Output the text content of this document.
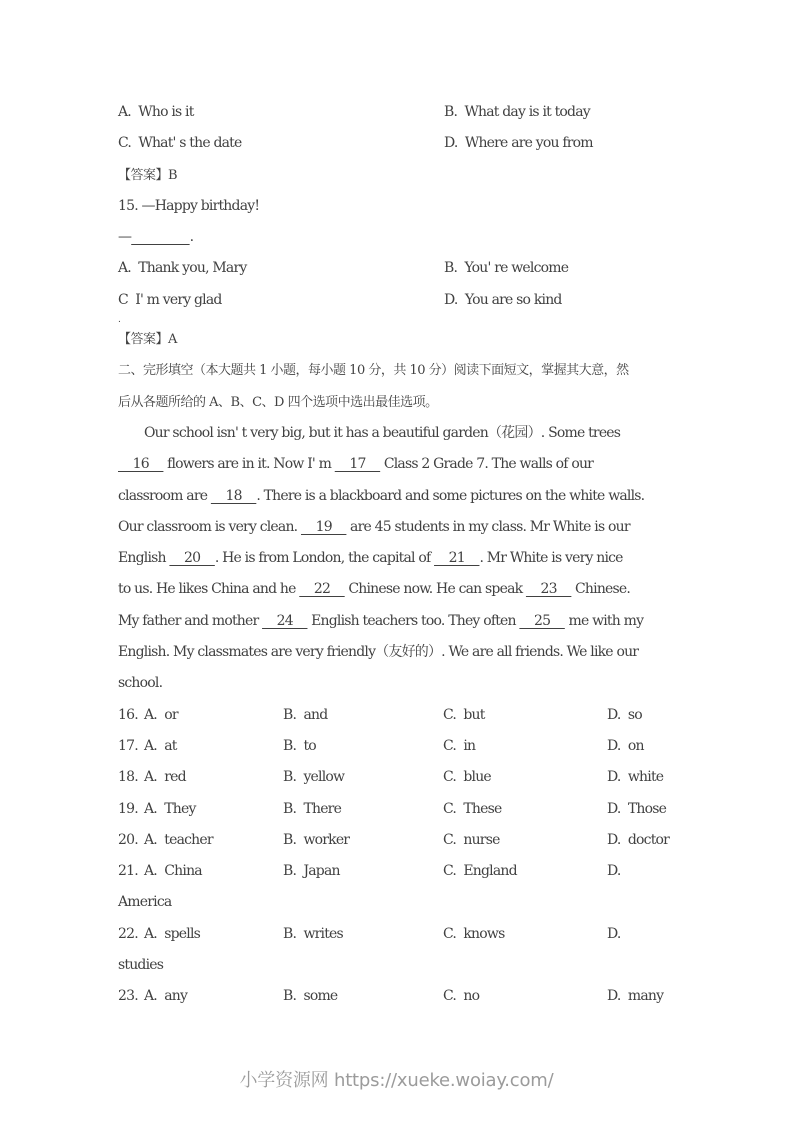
A.  Who is it	B.  What day is it today
C.  What' s the date	D.  Where are you from
【答案】B
15. —Happy birthday!
—	.
A.  Thank you, Mary	B.  You' re welcome
C  I' m very glad	D.  You are so kind
.
【答案】A
二、完形填空（本大题共 1 小题，每小题 10 分，共 10 分）阅读下面短文，掌握其大意，然
后从各题所给的 A、B、C、D 四个选项中选出最佳选项。
Our school isn' t very big, but it has a beautiful garden（花园）. Some trees
16     flowers are in it. Now I' m     17     Class 2 Grade 7. The walls of our
classroom are     18    . There is a blackboard and some pictures on the white walls.
Our classroom is very clean.     19     are 45 students in my class. Mr White is our
English     20    . He is from London, the capital of     21    . Mr White is very nice
to us. He likes China and he     22     Chinese now. He can speak     23     Chinese.
My father and mother     24     English teachers too. They often     25     me with my
English. My classmates are very friendly（友好的）. We are all friends. We like our
school.
16. A.  or	B.  and	C.  but	D.  so
17. A.  at	B.  to	C.  in	D.  on
18. A.  red	B.  yellow	C.  blue	D.  white
19. A.  They	B.  There	C.  These	D.  Those
20. A.  teacher	B.  worker	C.  nurse	D.  doctor
21. A.  China	B.  Japan	C.  England	D.
America
22. A.  spells	B.  writes	C.  knows	D.
studies
23. A.  any	B.  some	C.  no	D.  many
小学资源网 https://xueke.woiay.com/
